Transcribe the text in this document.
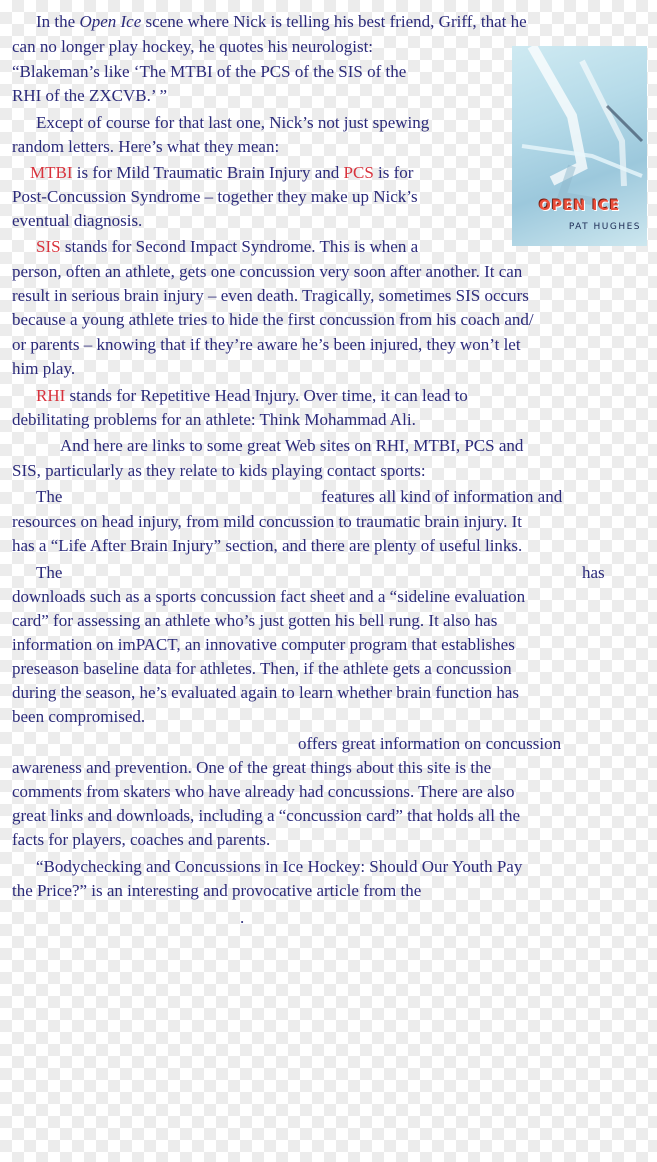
OPEN ICE
PAT HUGHES
In the Open Ice scene where Nick is telling his best friend, Griff, that he
can no longer play hockey, he quotes his neurologist:
“Blakeman’s like ‘The MTBI of the PCS of the SIS of the
RHI of the ZXCVB.’ ”
Except of course for that last one, Nick’s not just spewing
random letters. Here’s what they mean:
MTBI is for Mild Traumatic Brain Injury and PCS is for
Post-Concussion Syndrome – together they make up Nick’s
eventual diagnosis.
SIS stands for Second Impact Syndrome. This is when a
person, often an athlete, gets one concussion very soon after another. It can
result in serious brain injury – even death. Tragically, sometimes SIS occurs
because a young athlete tries to hide the first concussion from his coach and/
or parents – knowing that if they’re aware he’s been injured, they won’t let
him play.
RHI stands for Repetitive Head Injury. Over time, it can lead to
debilitating problems for an athlete: Think Mohammad Ali.
And here are links to some great Web sites on RHI, MTBI, PCS and
SIS, particularly as they relate to kids playing contact sports:
The	features all kind of information and
resources on head injury, from mild concussion to traumatic brain injury. It
has a “Life After Brain Injury” section, and there are plenty of useful links.
The	has
downloads such as a sports concussion fact sheet and a “sideline evaluation
card” for assessing an athlete who’s just gotten his bell rung. It also has
information on imPACT, an innovative computer program that establishes
preseason baseline data for athletes. Then, if the athlete gets a concussion
during the season, he’s evaluated again to learn whether brain function has
been compromised.
offers great information on concussion
awareness and prevention. One of the great things about this site is the
comments from skaters who have already had concussions. There are also
great links and downloads, including a “concussion card” that holds all the
facts for players, coaches and parents.
“Bodychecking and Concussions in Ice Hockey: Should Our Youth Pay
the Price?” is an interesting and provocative article from the
.
